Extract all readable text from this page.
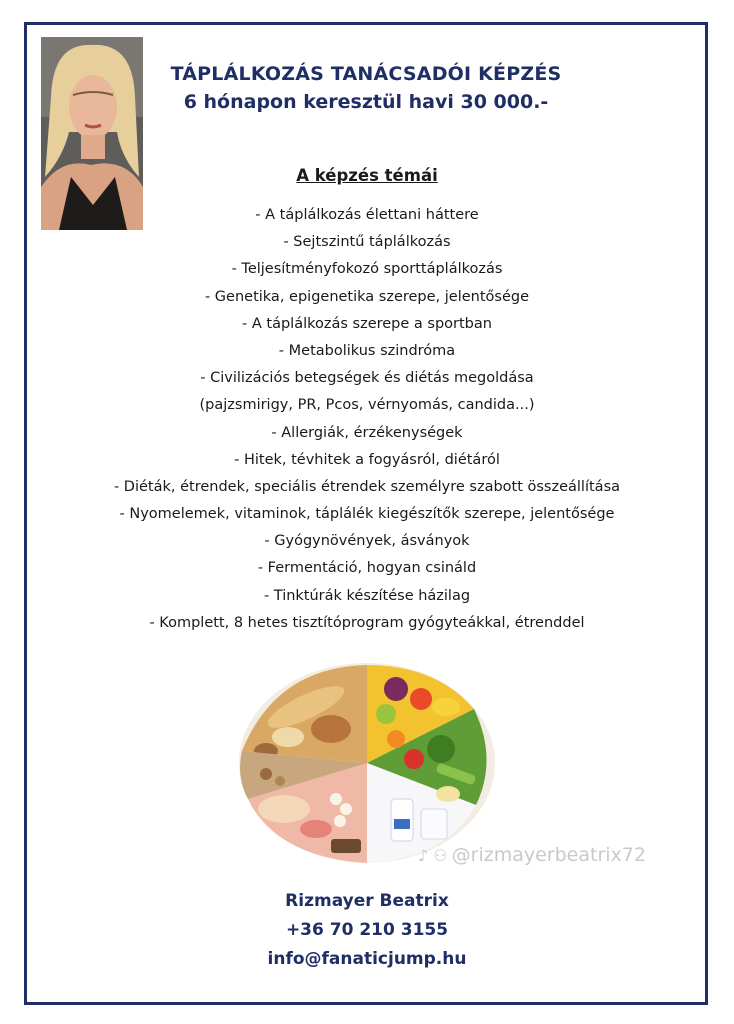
TÁPLÁLKOZÁS TANÁCSADÓI KÉPZÉS
6 hónapon keresztül havi 30 000.-
A képzés témái
- A táplálkozás élettani háttere
- Sejtszintű táplálkozás
- Teljesítményfokozó sporttáplálkozás
- Genetika, epigenetika szerepe, jelentősége
- A táplálkozás szerepe a sportban
- Metabolikus szindróma
- Civilizációs betegségek és diétás megoldása
(pajzsmirigy, PR, Pcos, vérnyomás, candida...)
- Allergiák, érzékenységek
- Hitek, tévhitek a fogyásról, diétáról
- Diéták, étrendek, speciális étrendek személyre szabott összeállítása
- Nyomelemek, vitaminok, táplálék kiegészítők szerepe, jelentősége
- Gyógynövények, ásványok
- Fermentáció, hogyan csináld
- Tinktúrák készítése házilag
- Komplett, 8 hetes tisztítóprogram gyógyteákkal, étrenddel
♪ ⚇ @rizmayerbeatrix72
Rizmayer Beatrix
+36 70 210 3155
info@fanaticjump.hu
